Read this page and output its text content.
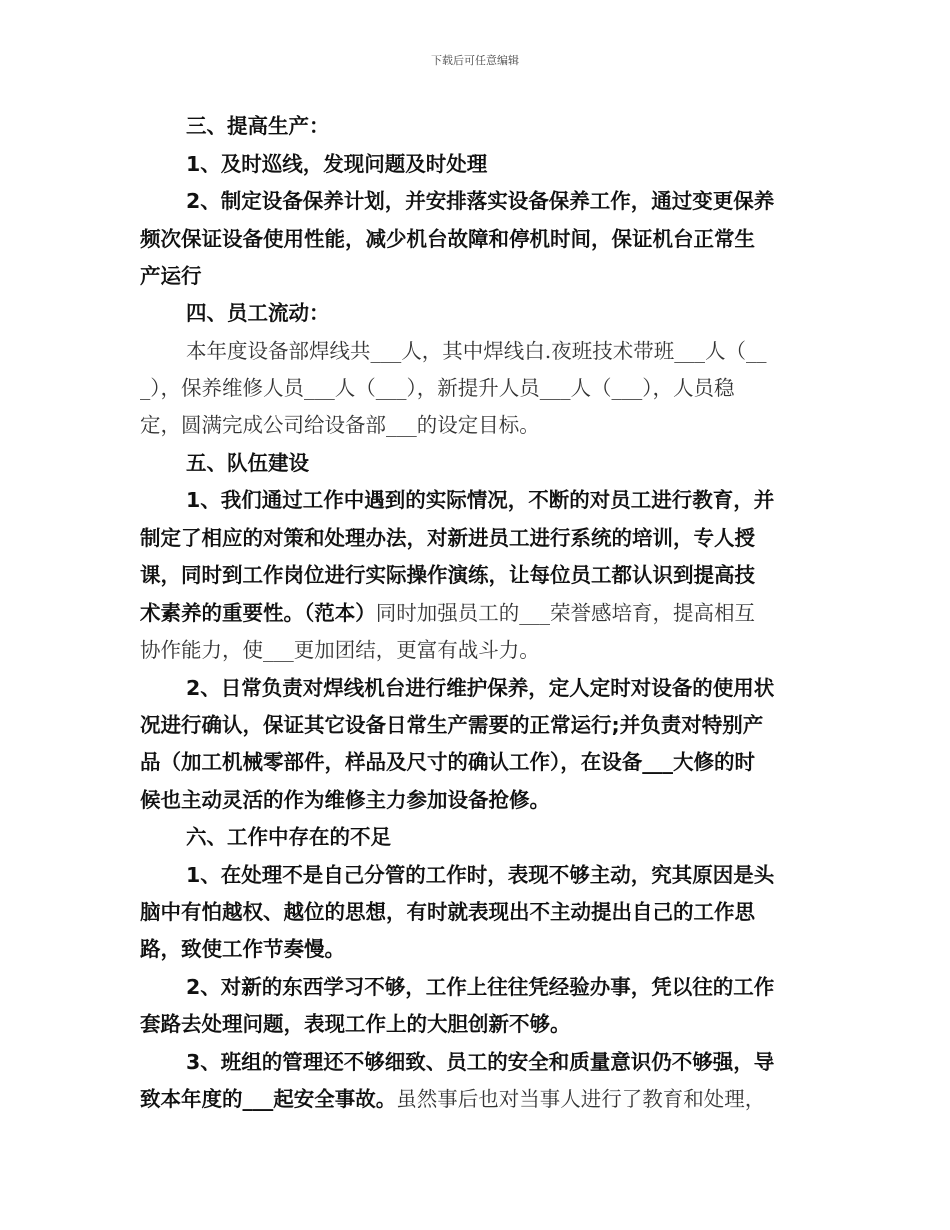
下载后可任意编辑
三、提高生产：
1、及时巡线，发现问题及时处理
2、制定设备保养计划，并安排落实设备保养工作，通过变更保养
频次保证设备使用性能，减少机台故障和停机时间，保证机台正常生
产运行
四、员工流动：
本年度设备部焊线共___人，其中焊线白.夜班技术带班___人（__
_），保养维修人员___人（___），新提升人员___人（___），人员稳
定，圆满完成公司给设备部___的设定目标。
五、队伍建设
1、我们通过工作中遇到的实际情况，不断的对员工进行教育，并
制定了相应的对策和处理办法，对新进员工进行系统的培训，专人授
课，同时到工作岗位进行实际操作演练，让每位员工都认识到提高技
术素养的重要性。（范本）同时加强员工的___荣誉感培育，提高相互
协作能力，使___更加团结，更富有战斗力。
2、日常负责对焊线机台进行维护保养，定人定时对设备的使用状
况进行确认，保证其它设备日常生产需要的正常运行;并负责对特别产
品（加工机械零部件，样品及尺寸的确认工作），在设备___大修的时
候也主动灵活的作为维修主力参加设备抢修。
六、工作中存在的不足
1、在处理不是自己分管的工作时，表现不够主动，究其原因是头
脑中有怕越权、越位的思想，有时就表现出不主动提出自己的工作思
路，致使工作节奏慢。
2、对新的东西学习不够，工作上往往凭经验办事，凭以往的工作
套路去处理问题，表现工作上的大胆创新不够。
3、班组的管理还不够细致、员工的安全和质量意识仍不够强，导
致本年度的___起安全事故。虽然事后也对当事人进行了教育和处理，
